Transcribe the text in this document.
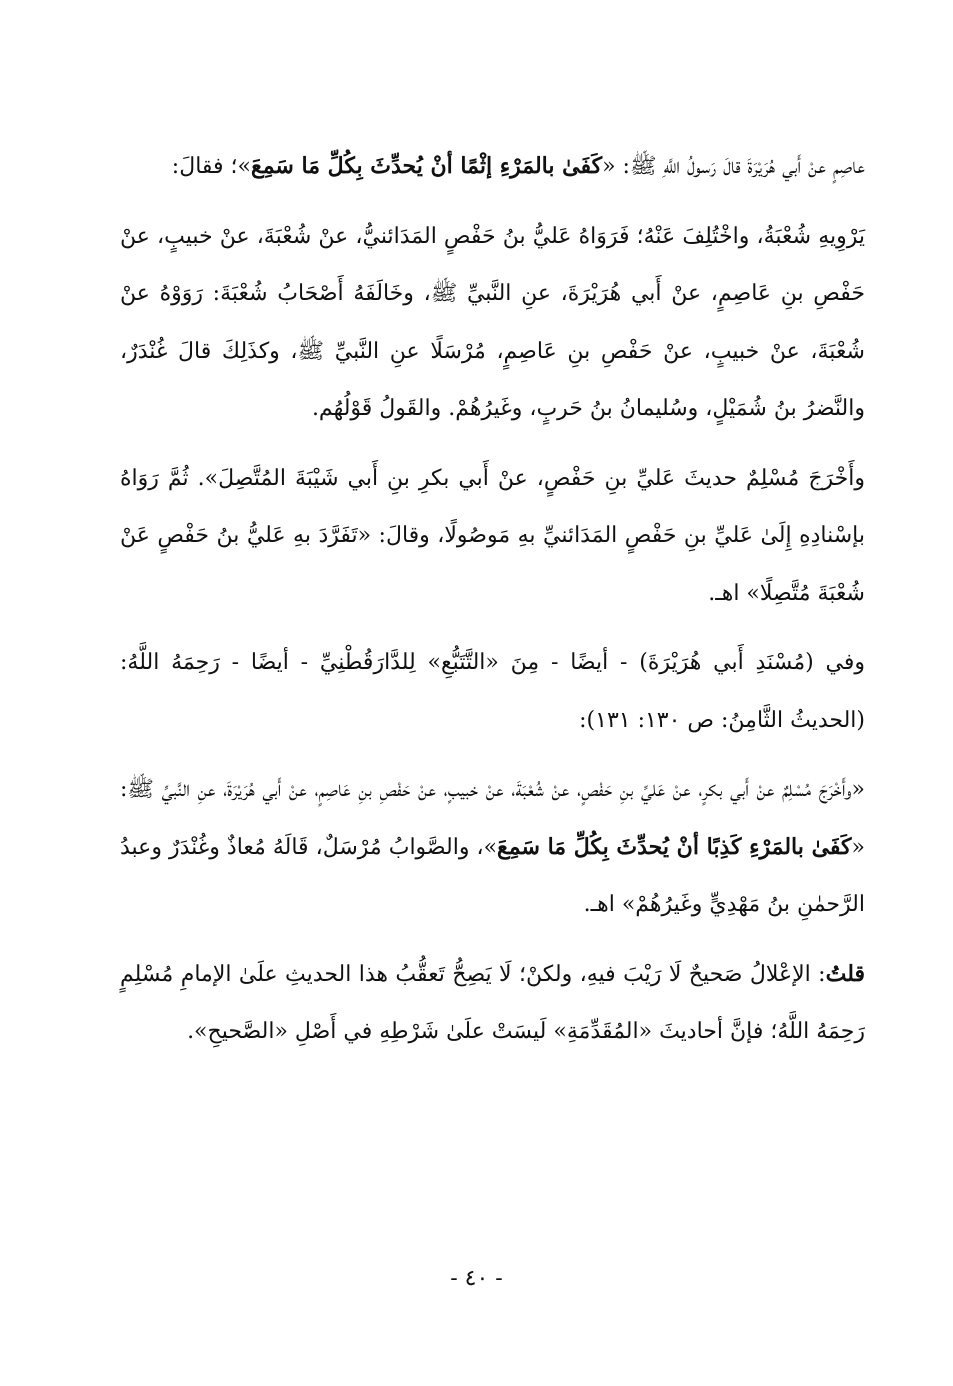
عاصِمٍ عنْ أَبي هُرَيْرَةَ قالَ رَسولُ اللَّهِ ﷺ: «كَفَىٰ بالمَرْءِ إثْمًا أنْ يُحدِّثَ بِكُلِّ مَا سَمِعَ»؛ فقالَ:

يَرْوِيهِ شُعْبَةُ، واخْتُلِفَ عَنْهُ؛ فَرَوَاهُ عَليُّ بنُ حَفْصٍ المَدَائنيُّ، عنْ شُعْبَةَ، عنْ خبيبٍ، عنْ حَفْصِ بنِ عَاصِمٍ، عنْ أَبي هُرَيْرَةَ، عنِ النَّبيِّ ﷺ، وخَالَفَهُ أَصْحَابُ شُعْبَةَ: رَوَوْهُ عنْ شُعْبَةَ، عنْ خبيبٍ، عنْ حَفْصِ بنِ عَاصِمٍ، مُرْسَلًا عنِ النَّبيِّ ﷺ، وكذَلِكَ قالَ غُنْدَرٌ، والنَّضرُ بنُ شُمَيْلٍ، وسُليمانُ بنُ حَربٍ، وغَيرُهُمْ. والقَولُ قَوْلُهُم.

وأَخْرَجَ مُسْلِمٌ حديثَ عَليِّ بنِ حَفْصٍ، عنْ أَبي بكرِ بنِ أَبي شَيْبَةَ المُتَّصِلَ». ثُمَّ رَوَاهُ بإسْنادِهِ إِلَىٰ عَليِّ بنِ حَفْصٍ المَدَائنيِّ بهِ مَوصُولًا، وقالَ: «تَفَرَّدَ بهِ عَليُّ بنُ حَفْصٍ عَنْ شُعْبَةَ مُتَّصِلًا» اهـ.

وفي (مُسْنَدِ أَبي هُرَيْرَةَ) - أيضًا - مِنَ «التَّتَبُّعِ» لِلدَّارَقُطْنِيِّ - أيضًا - رَحِمَهُ اللَّهُ: (الحديثُ الثَّامِنُ: ص ١٣٠: ١٣١):

«وأَخْرَجَ مُسْلِمٌ عنْ أَبي بكرٍ، عنْ عَليِّ بنِ حَفْصٍ، عنْ شُعْبَةَ، عنْ خبيبٍ، عنْ حَفْصِ بنِ عَاصِمٍ، عنْ أَبي هُرَيْرَةَ، عنِ النَّبيِّ ﷺ: «كَفَىٰ بالمَرْءِ كَذِبًا أنْ يُحدِّثَ بِكُلِّ مَا سَمِعَ»، والصَّوابُ مُرْسَلٌ، قَالَهُ مُعاذٌ وغُنْدَرٌ وعبدُ الرَّحمٰنِ بنُ مَهْدِيٍّ وغَيرُهُمْ» اهـ.

قلتُ: الإعْلالُ صَحيحٌ لَا رَيْبَ فيهِ، ولكنْ؛ لَا يَصِحُّ تَعقُّبُ هذا الحديثِ علَىٰ الإمامِ مُسْلِمٍ رَحِمَهُ اللَّهُ؛ فإنَّ أحاديثَ «المُقَدِّمَةِ» لَيسَتْ علَىٰ شَرْطِهِ في أَصْلِ «الصَّحيحِ».

- ٤٠ -
